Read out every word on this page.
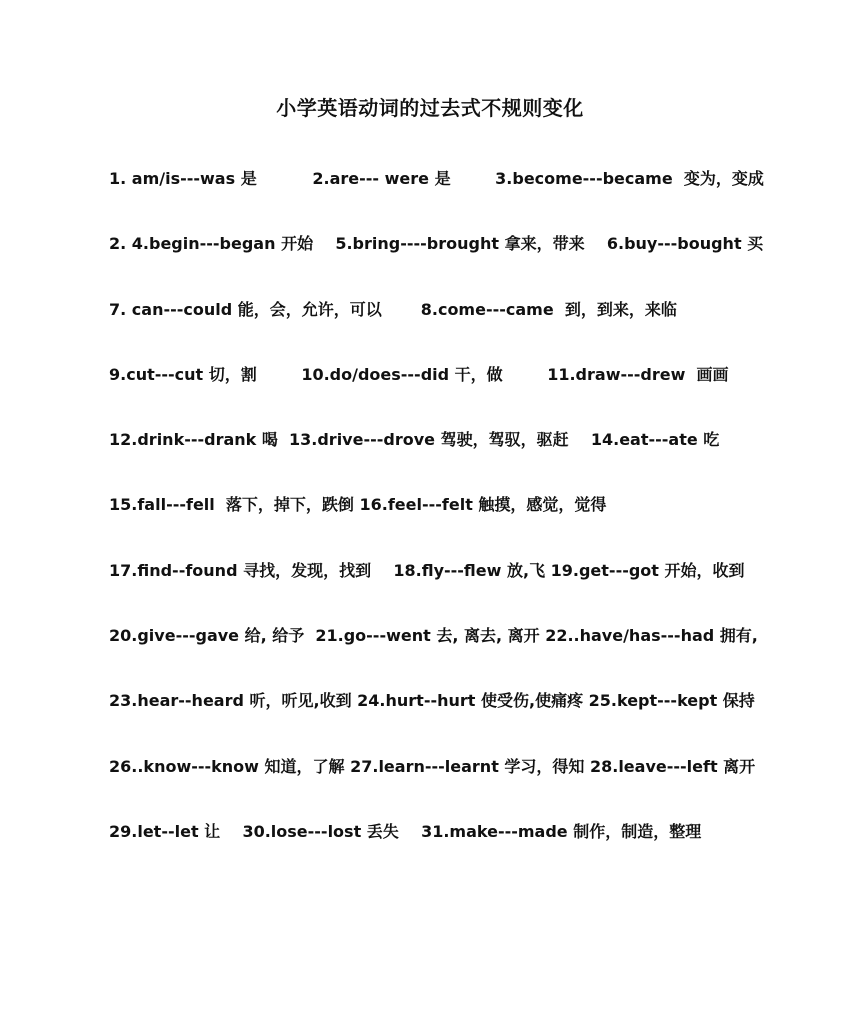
小学英语动词的过去式不规则变化
1. am/is---was 是          2.are--- were 是        3.become---became  变为，变成
2. 4.begin---began 开始    5.bring----brought 拿来，带来    6.buy---bought 买
7. can---could 能，会，允许，可以       8.come---came  到，到来，来临
9.cut---cut 切，割        10.do/does---did 干，做        11.draw---drew  画画
12.drink---drank 喝  13.drive---drove 驾驶，驾驭，驱赶    14.eat---ate 吃
15.fall---fell  落下，掉下，跌倒 16.feel---felt 触摸，感觉，觉得
17.find--found 寻找，发现，找到    18.fly---flew 放,飞 19.get---got 开始，收到
20.give---gave 给, 给予  21.go---went 去, 离去, 离开 22..have/has---had 拥有,
23.hear--heard 听，听见,收到 24.hurt--hurt 使受伤,使痛疼 25.kept---kept 保持
26..know---know 知道，了解 27.learn---learnt 学习，得知 28.leave---left 离开
29.let--let 让    30.lose---lost 丢失    31.make---made 制作，制造，整理
